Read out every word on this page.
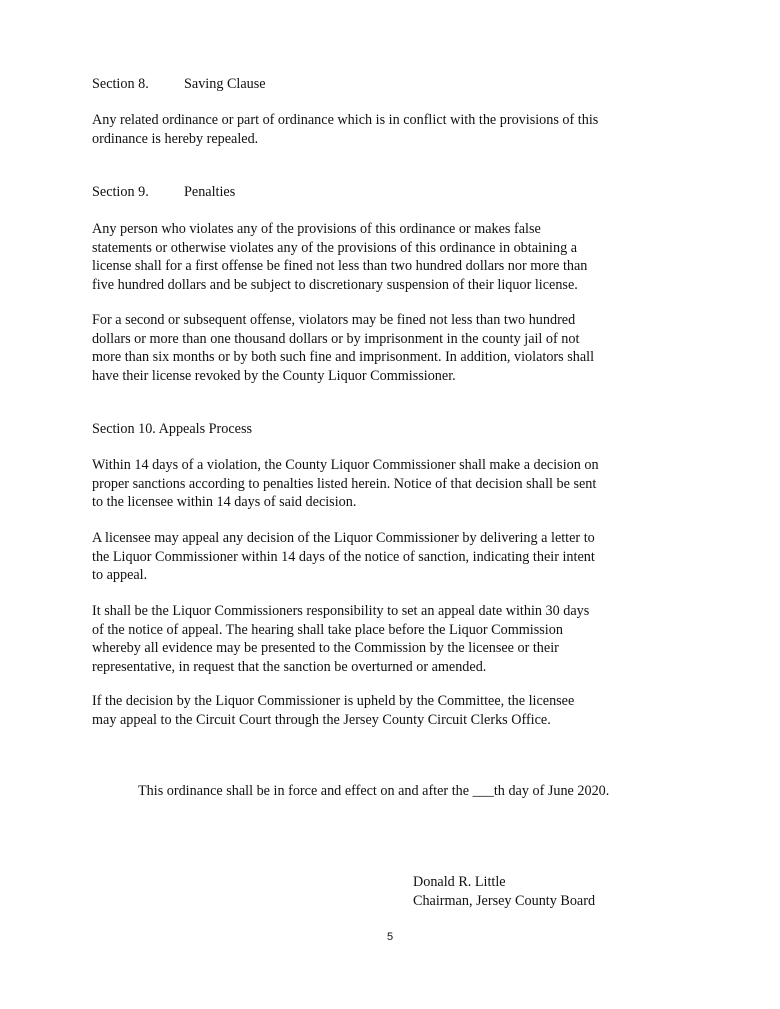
Section 8. Saving Clause
Any related ordinance or part of ordinance which is in conflict with the provisions of this
ordinance is hereby repealed.
Section 9. Penalties
Any person who violates any of the provisions of this ordinance or makes false
statements or otherwise violates any of the provisions of this ordinance in obtaining a
license shall for a first offense be fined not less than two hundred dollars nor more than
five hundred dollars and be subject to discretionary suspension of their liquor license.
For a second or subsequent offense, violators may be fined not less than two hundred
dollars or more than one thousand dollars or by imprisonment in the county jail of not
more than six months or by both such fine and imprisonment. In addition, violators shall
have their license revoked by the County Liquor Commissioner.
Section 10. Appeals Process
Within 14 days of a violation, the County Liquor Commissioner shall make a decision on
proper sanctions according to penalties listed herein. Notice of that decision shall be sent
to the licensee within 14 days of said decision.
A licensee may appeal any decision of the Liquor Commissioner by delivering a letter to
the Liquor Commissioner within 14 days of the notice of sanction, indicating their intent
to appeal.
It shall be the Liquor Commissioners responsibility to set an appeal date within 30 days
of the notice of appeal. The hearing shall take place before the Liquor Commission
whereby all evidence may be presented to the Commission by the licensee or their
representative, in request that the sanction be overturned or amended.
If the decision by the Liquor Commissioner is upheld by the Committee, the licensee
may appeal to the Circuit Court through the Jersey County Circuit Clerks Office.

This ordinance shall be in force and effect on and after the ___th day of June 2020.

Donald R. Little
Chairman, Jersey County Board

5
